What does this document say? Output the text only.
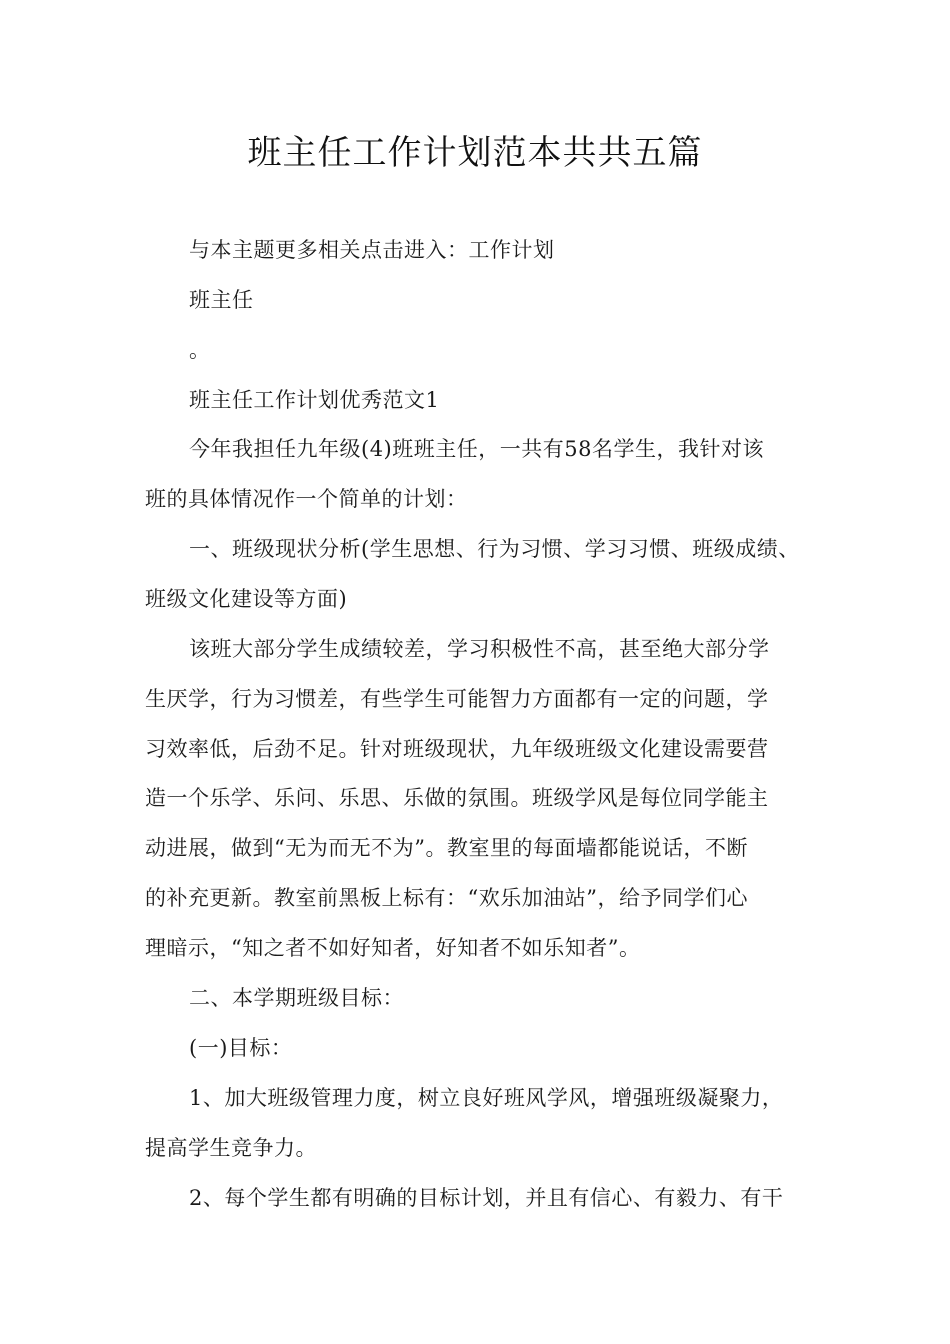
班主任工作计划范本共共五篇
与本主题更多相关点击进入：工作计划
班主任
。
班主任工作计划优秀范文1
今年我担任九年级(4)班班主任，一共有58名学生，我针对该
班的具体情况作一个简单的计划：
一、班级现状分析(学生思想、行为习惯、学习习惯、班级成绩、
班级文化建设等方面)
该班大部分学生成绩较差，学习积极性不高，甚至绝大部分学
生厌学，行为习惯差，有些学生可能智力方面都有一定的问题，学
习效率低，后劲不足。针对班级现状，九年级班级文化建设需要营
造一个乐学、乐问、乐思、乐做的氛围。班级学风是每位同学能主
动进展，做到“无为而无不为”。教室里的每面墙都能说话，不断
的补充更新。教室前黑板上标有：“欢乐加油站”，给予同学们心
理暗示，“知之者不如好知者，好知者不如乐知者”。
二、本学期班级目标：
(一)目标：
1、加大班级管理力度，树立良好班风学风，增强班级凝聚力，
提高学生竞争力。
2、每个学生都有明确的目标计划，并且有信心、有毅力、有干
